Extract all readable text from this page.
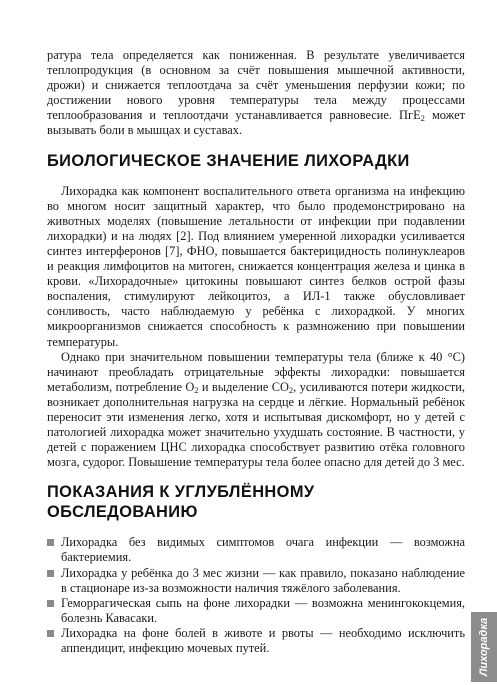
ратура тела определяется как пониженная. В результате увеличивается теплопродукция (в основном за счёт повышения мышечной активности, дрожи) и снижается теплоотдача за счёт уменьшения перфузии кожи; по достижении нового уровня температуры тела между процессами теплообразования и теплоотдачи устанавливается равновесие. ПгЕ$_2$ может вызывать боли в мышцах и суставах.

БИОЛОГИЧЕСКОЕ ЗНАЧЕНИЕ ЛИХОРАДКИ

Лихорадка как компонент воспалительного ответа организма на инфекцию во многом носит защитный характер, что было продемонстрировано на животных моделях (повышение летальности от инфекции при подавлении лихорадки) и на людях [2]. Под влиянием умеренной лихорадки усиливается синтез интерферонов [7], ФНО, повышается бактерицидность полинуклеаров и реакция лимфоцитов на митоген, снижается концентрация железа и цинка в крови. «Лихорадочные» цитокины повышают синтез белков острой фазы воспаления, стимулируют лейкоцитоз, а ИЛ-1 также обусловливает сонливость, часто наблюдаемую у ребёнка с лихорадкой. У многих микроорганизмов снижается способность к размножению при повышении температуры.

Однако при значительном повышении температуры тела (ближе к 40 °С) начинают преобладать отрицательные эффекты лихорадки: повышается метаболизм, потребление $О_2$ и выделение $СО_2$, усиливаются потери жидкости, возникает дополнительная нагрузка на сердце и лёгкие. Нормальный ребёнок переносит эти изменения легко, хотя и испытывая дискомфорт, но у детей с патологией лихорадка может значительно ухудшать состояние. В частности, у детей с поражением ЦНС лихорадка способствует развитию отёка головного мозга, судорог. Повышение температуры тела более опасно для детей до 3 мес.

ПОКАЗАНИЯ К УГЛУБЛЁННОМУ ОБСЛЕДОВАНИЮ
Лихорадка без видимых симптомов очага инфекции — возможна бактериемия.
Лихорадка у ребёнка до 3 мес жизни — как правило, показано наблюдение в стационаре из-за возможности наличия тяжёлого заболевания.
Геморрагическая сыпь на фоне лихорадки — возможна менингококцемия, болезнь Кавасаки.
Лихорадка на фоне болей в животе и рвоты — необходимо исключить аппендицит, инфекцию мочевых путей.	Лихорадка
